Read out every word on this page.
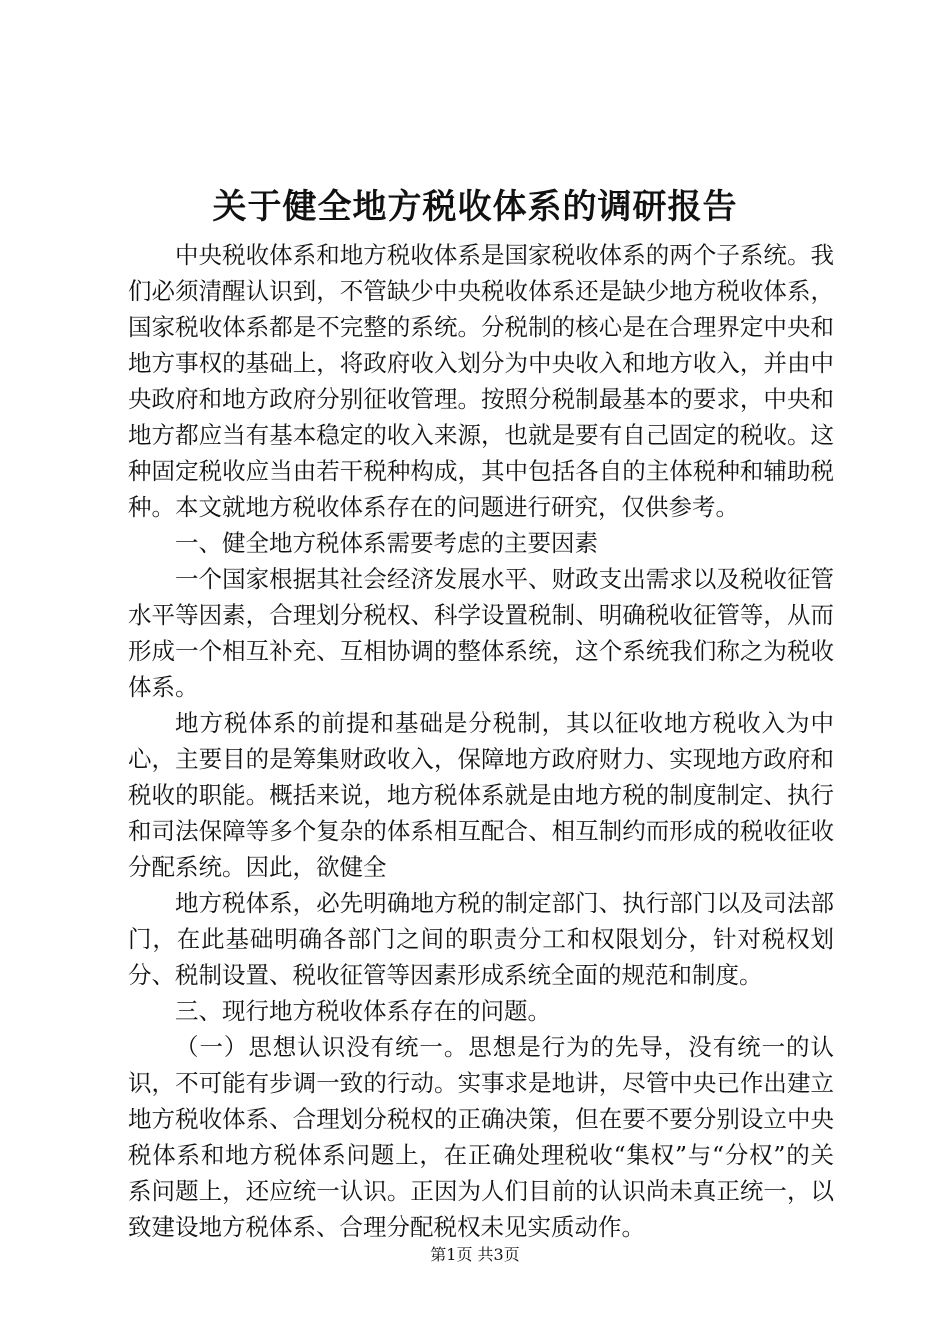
关于健全地方税收体系的调研报告

中央税收体系和地方税收体系是国家税收体系的两个子系统。我们必须清醒认识到，不管缺少中央税收体系还是缺少地方税收体系，国家税收体系都是不完整的系统。分税制的核心是在合理界定中央和地方事权的基础上，将政府收入划分为中央收入和地方收入，并由中央政府和地方政府分别征收管理。按照分税制最基本的要求，中央和地方都应当有基本稳定的收入来源，也就是要有自己固定的税收。这种固定税收应当由若干税种构成，其中包括各自的主体税种和辅助税种。本文就地方税收体系存在的问题进行研究，仅供参考。

一、健全地方税体系需要考虑的主要因素

一个国家根据其社会经济发展水平、财政支出需求以及税收征管水平等因素，合理划分税权、科学设置税制、明确税收征管等，从而形成一个相互补充、互相协调的整体系统，这个系统我们称之为税收体系。

地方税体系的前提和基础是分税制，其以征收地方税收入为中心，主要目的是筹集财政收入，保障地方政府财力、实现地方政府和税收的职能。概括来说，地方税体系就是由地方税的制度制定、执行和司法保障等多个复杂的体系相互配合、相互制约而形成的税收征收分配系统。因此，欲健全

地方税体系，必先明确地方税的制定部门、执行部门以及司法部门，在此基础明确各部门之间的职责分工和权限划分，针对税权划分、税制设置、税收征管等因素形成系统全面的规范和制度。

三、现行地方税收体系存在的问题。

（一）思想认识没有统一。思想是行为的先导，没有统一的认识，不可能有步调一致的行动。实事求是地讲，尽管中央已作出建立地方税收体系、合理划分税权的正确决策，但在要不要分别设立中央税体系和地方税体系问题上，在正确处理税收“集权”与“分权”的关系问题上，还应统一认识。正因为人们目前的认识尚未真正统一，以致建设地方税体系、合理分配税权未见实质动作。

第1页 共3页
